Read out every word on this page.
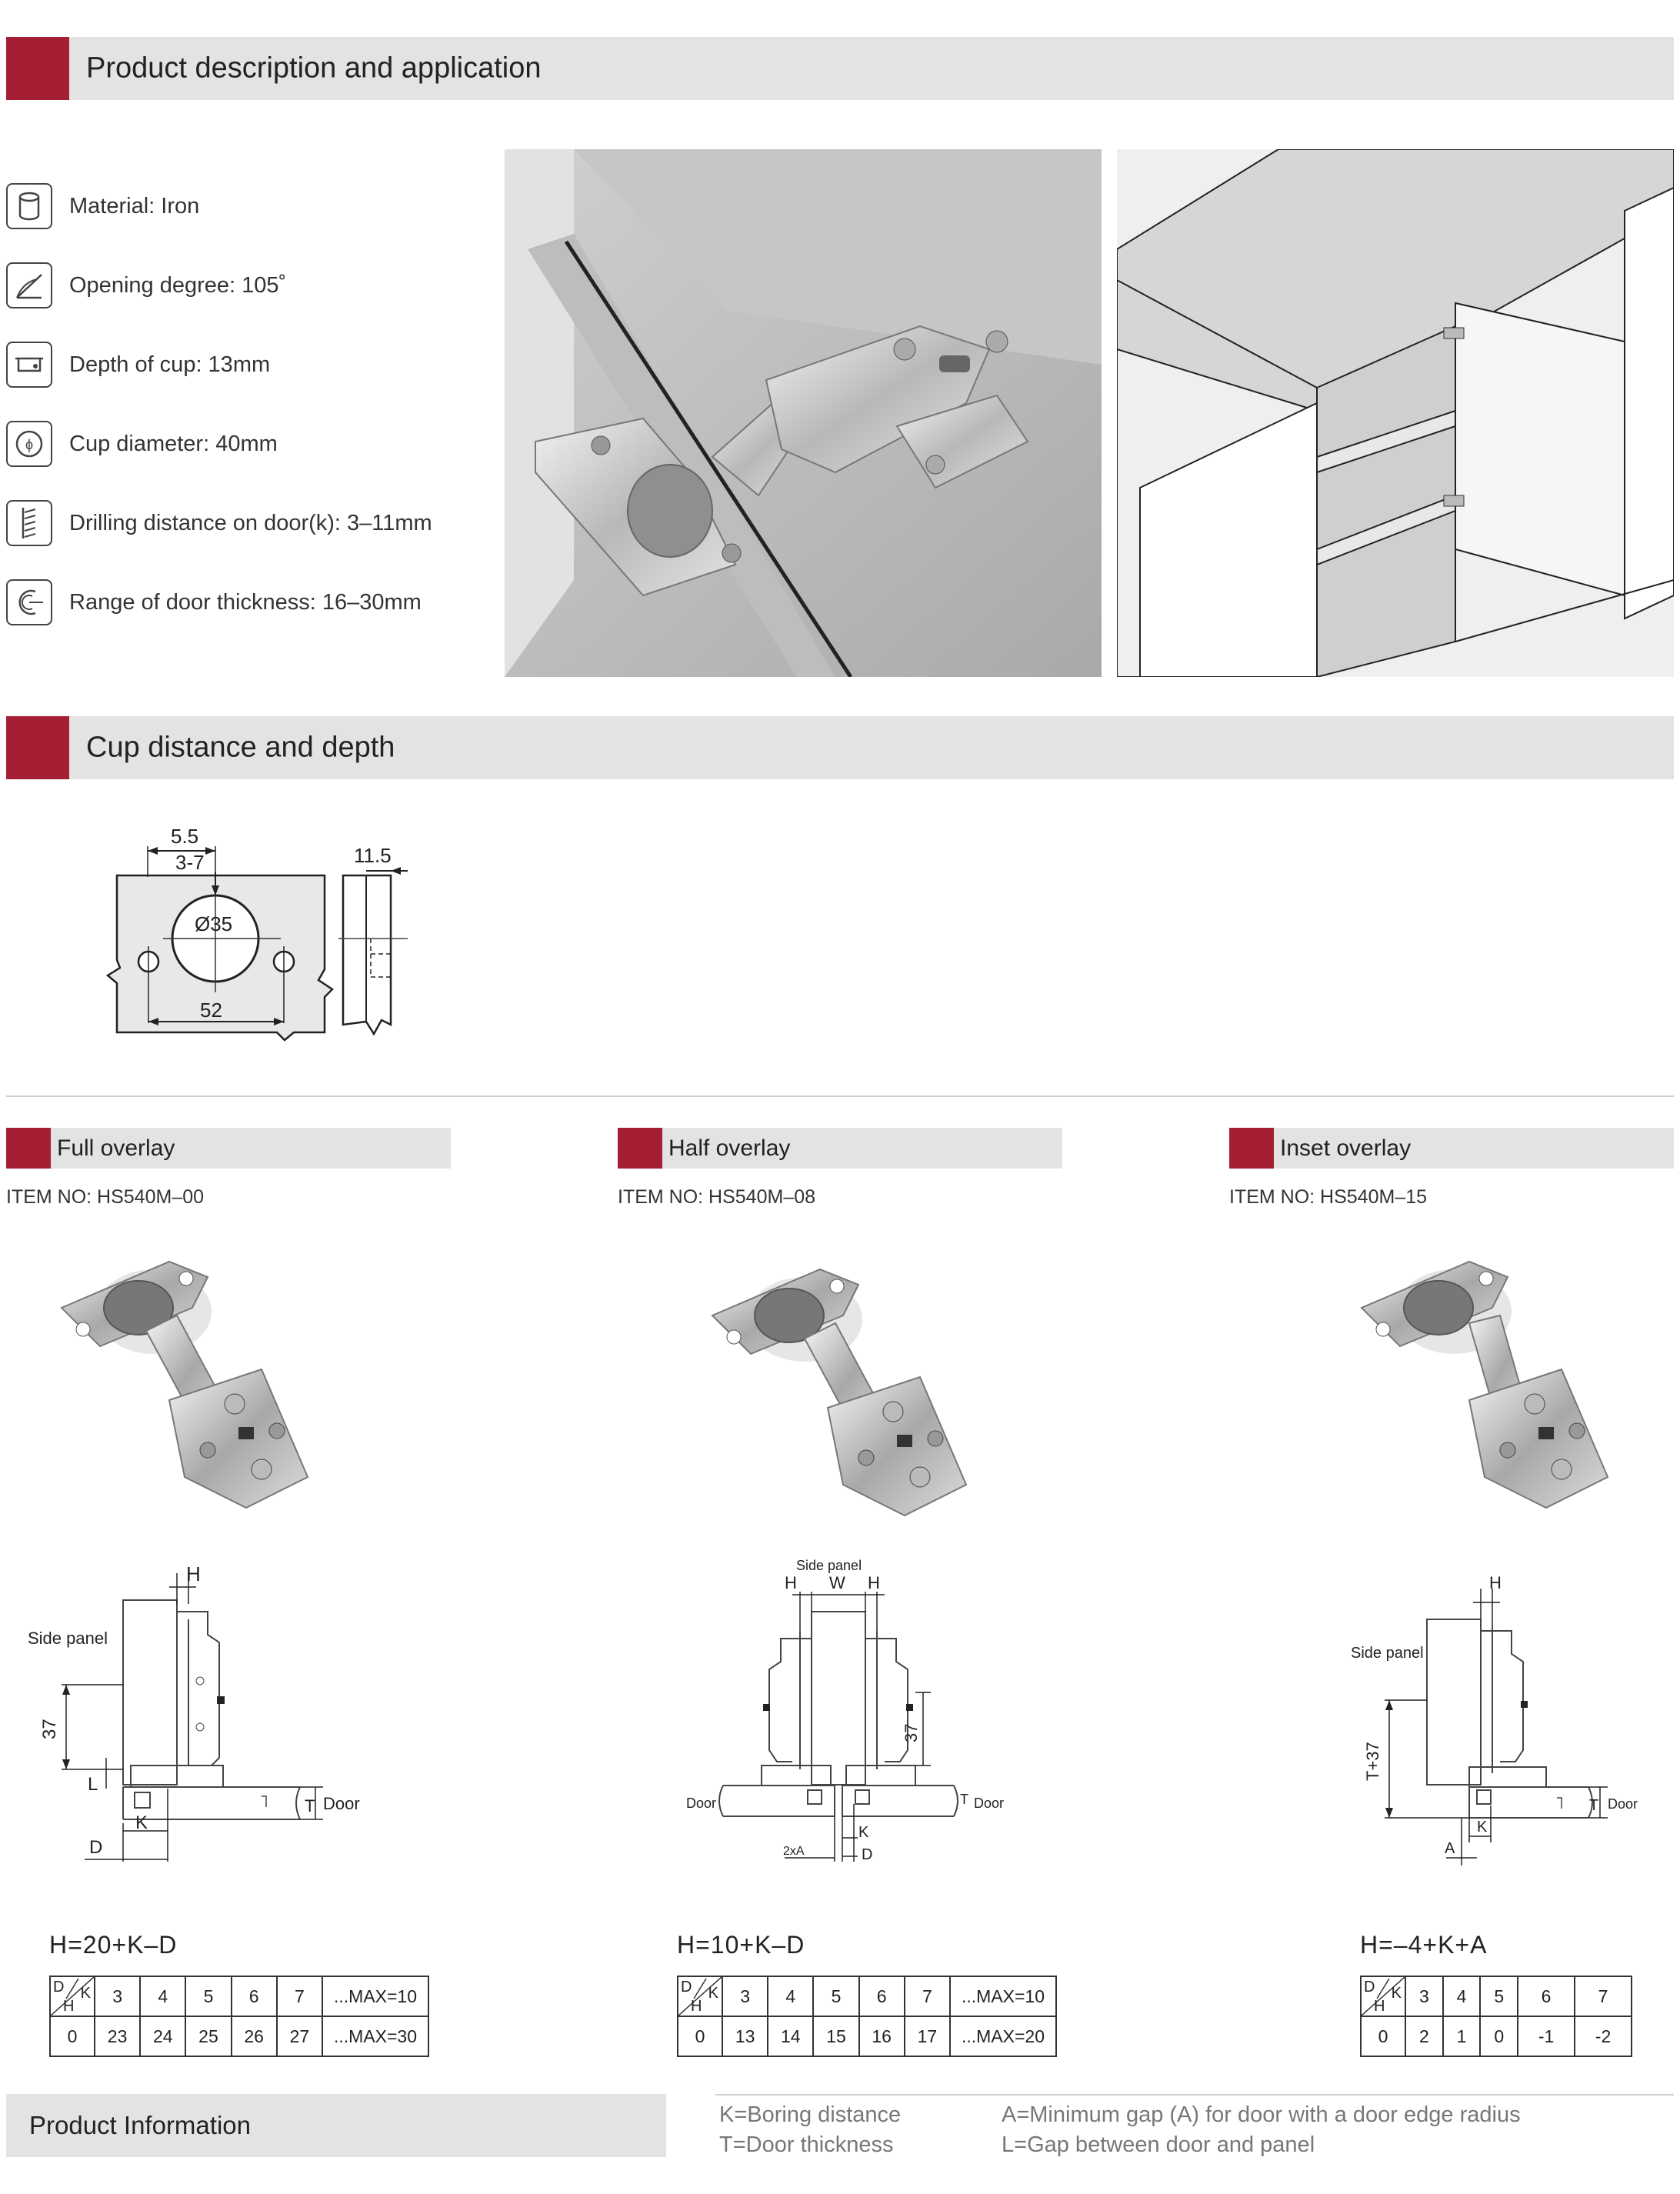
Product description and application
Material: Iron
Opening degree: 105˚
Depth of cup: 13mm
ϕ Cup diameter: 40mm
Drilling distance on door(k): 3–11mm
Range of door thickness: 16–30mm
Cup distance and depth
5.5
3-7
Ø35
52
11.5
Full overlay	Half overlay	Inset overlay
ITEM NO: HS540M–00	ITEM NO: HS540M–08	ITEM NO: HS540M–15
H
Side panel
37
L
T Door
K
D
Side panel
H W H
37
Door	T Door
K
D
2xA
H
Side panel
T+37
T Door
K
A
H=20+K–D	H=10+K–D	H=–4+K+A
D K
H	3	4	5	6	7	...MAX=10
0	23	24	25	26	27	...MAX=30
D K
H	3	4	5	6	7	...MAX=10
0	13	14	15	16	17	...MAX=20
D K
H	3	4	5	6	7
0	2	1	0	-1	-2
Product Information	K=Boring distance
T=Door thickness
A=Minimum gap (A) for door with a door edge radius
L=Gap between door and panel
